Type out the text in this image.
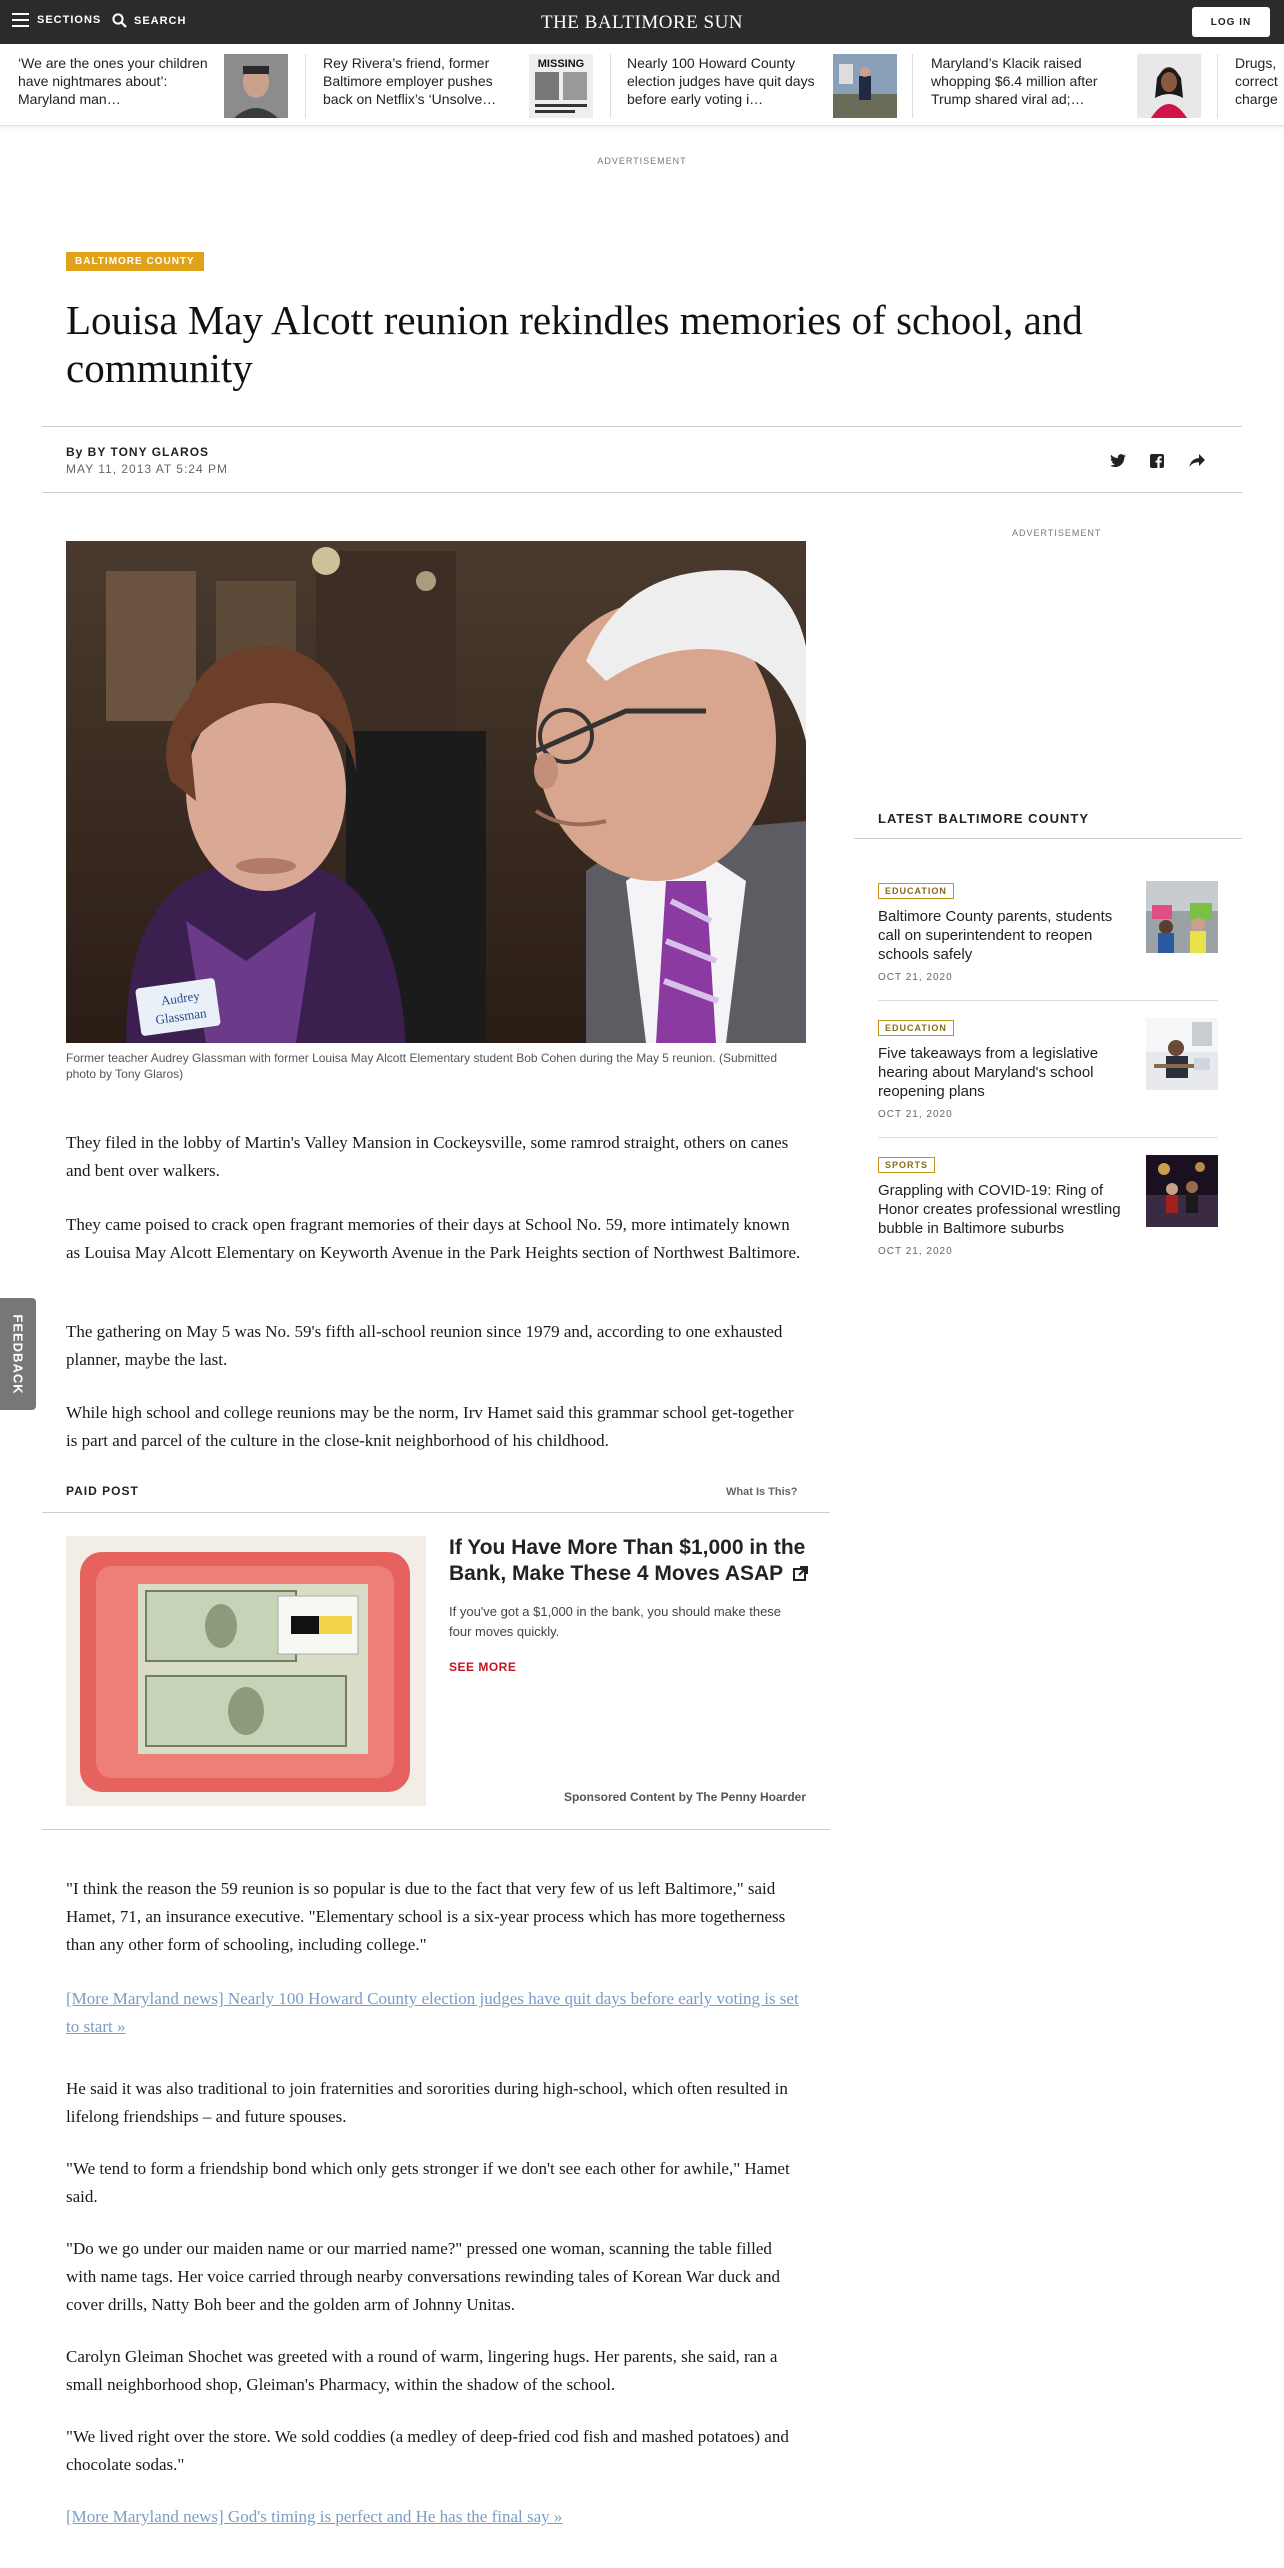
SECTIONS	SEARCH	THE BALTIMORE SUN	LOG IN
‘We are the ones your children have nightmares about’: Maryland man…
Rey Rivera’s friend, former Baltimore employer pushes back on Netflix’s ‘Unsolve…
MISSING	Nearly 100 Howard County election judges have quit days before early voting i…
Maryland’s Klacik raised whopping $6.4 million after Trump shared viral ad;…
Drugs, correct charge
ADVERTISEMENT
BALTIMORE COUNTY
Louisa May Alcott reunion rekindles memories of school, and community
By BY TONY GLAROS
MAY 11, 2013 AT 5:24 PM
Audrey
Glassman
Former teacher Audrey Glassman with former Louisa May Alcott Elementary student Bob Cohen during the May 5 reunion. (Submitted photo by Tony Glaros)

They filed in the lobby of Martin's Valley Mansion in Cockeysville, some ramrod straight, others on canes and bent over walkers.

They came poised to crack open fragrant memories of their days at School No. 59, more intimately known as Louisa May Alcott Elementary on Keyworth Avenue in the Park Heights section of Northwest Baltimore.

The gathering on May 5 was No. 59's fifth all-school reunion since 1979 and, according to one exhausted planner, maybe the last.

While high school and college reunions may be the norm, Irv Hamet said this grammar school get-together is part and parcel of the culture in the close-knit neighborhood of his childhood.

PAID POST	What Is This?
If You Have More Than $1,000 in the Bank, Make These 4 Moves ASAP
If you've got a $1,000 in the bank, you should make these four moves quickly.
SEE MORE
Sponsored Content by The Penny Hoarder

"I think the reason the 59 reunion is so popular is due to the fact that very few of us left Baltimore," said Hamet, 71, an insurance executive. "Elementary school is a six-year process which has more togetherness than any other form of schooling, including college."

[More Maryland news] Nearly 100 Howard County election judges have quit days before early voting is set to start »

He said it was also traditional to join fraternities and sororities during high-school, which often resulted in lifelong friendships – and future spouses.

"We tend to form a friendship bond which only gets stronger if we don't see each other for awhile," Hamet said.

"Do we go under our maiden name or our married name?" pressed one woman, scanning the table filled with name tags. Her voice carried through nearby conversations rewinding tales of Korean War duck and cover drills, Natty Boh beer and the golden arm of Johnny Unitas.

Carolyn Gleiman Shochet was greeted with a round of warm, lingering hugs. Her parents, she said, ran a small neighborhood shop, Gleiman's Pharmacy, within the shadow of the school.

"We lived right over the store. We sold coddies (a medley of deep-fried cod fish and mashed potatoes) and chocolate sodas."

[More Maryland news] God's timing is perfect and He has the final say »

ADVERTISEMENT
LATEST BALTIMORE COUNTY
EDUCATION
Baltimore County parents, students call on superintendent to reopen schools safely
OCT 21, 2020
EDUCATION
Five takeaways from a legislative hearing about Maryland's school reopening plans
OCT 21, 2020
SPORTS
Grappling with COVID-19: Ring of Honor creates professional wrestling bubble in Baltimore suburbs
OCT 21, 2020
FEEDBACK
